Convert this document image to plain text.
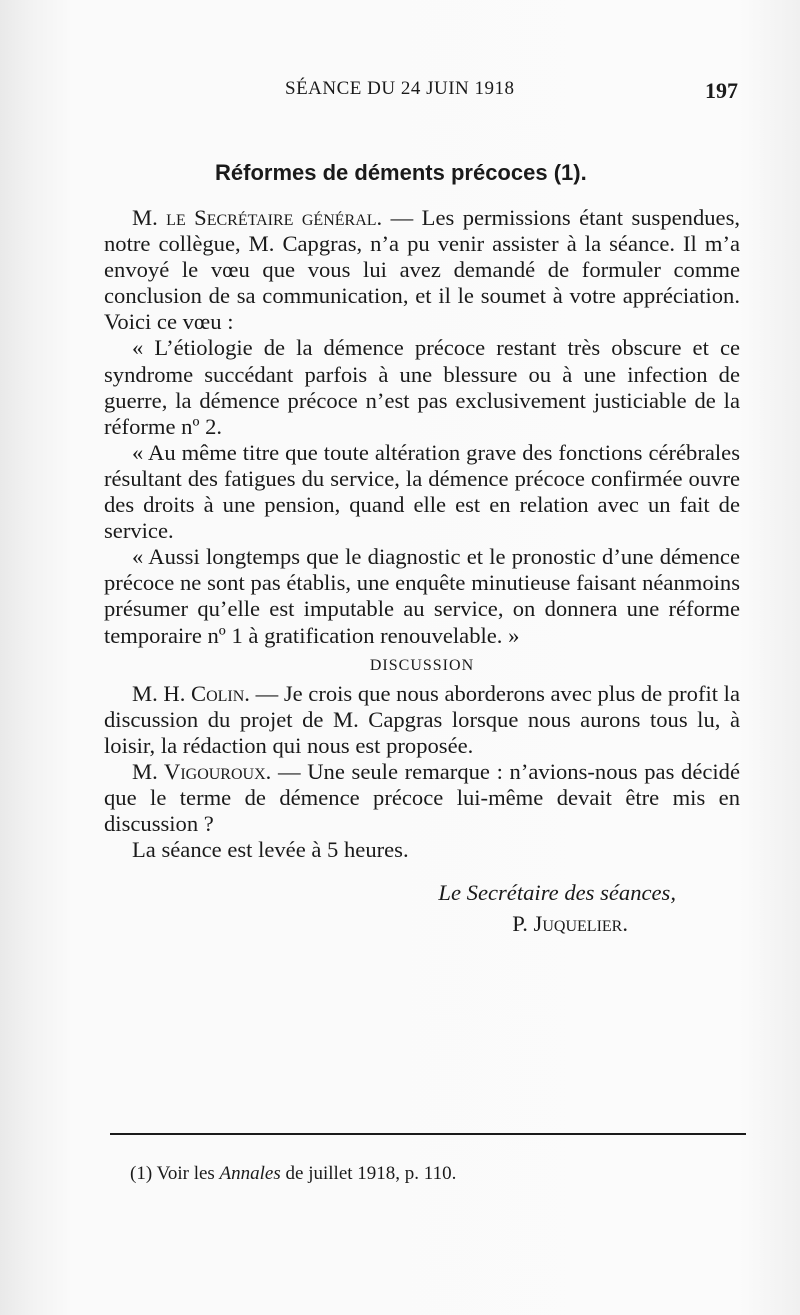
SÉANCE DU 24 JUIN 1918	197
Réformes de déments précoces (1).

M. le Secrétaire général. — Les permissions étant suspendues, notre collègue, M. Capgras, n’a pu venir assister à la séance. Il m’a envoyé le vœu que vous lui avez demandé de formuler comme conclusion de sa communication, et il le soumet à votre appréciation. Voici ce vœu :

« L’étiologie de la démence précoce restant très obscure et ce syndrome succédant parfois à une blessure ou à une infection de guerre, la démence précoce n’est pas exclusivement justiciable de la réforme nº 2.

« Au même titre que toute altération grave des fonctions cérébrales résultant des fatigues du service, la démence précoce confirmée ouvre des droits à une pension, quand elle est en relation avec un fait de service.

« Aussi longtemps que le diagnostic et le pronostic d’une démence précoce ne sont pas établis, une enquête minutieuse faisant néanmoins présumer qu’elle est imputable au service, on donnera une réforme temporaire nº 1 à gratification renouvelable. »

DISCUSSION

M. H. Colin. — Je crois que nous aborderons avec plus de profit la discussion du projet de M. Capgras lorsque nous aurons tous lu, à loisir, la rédaction qui nous est proposée.

M. Vigouroux. — Une seule remarque : n’avions-nous pas décidé que le terme de démence précoce lui-même devait être mis en discussion ?

La séance est levée à 5 heures.

Le Secrétaire des séances,
P. Juquelier.
(1) Voir les Annales de juillet 1918, p. 110.
